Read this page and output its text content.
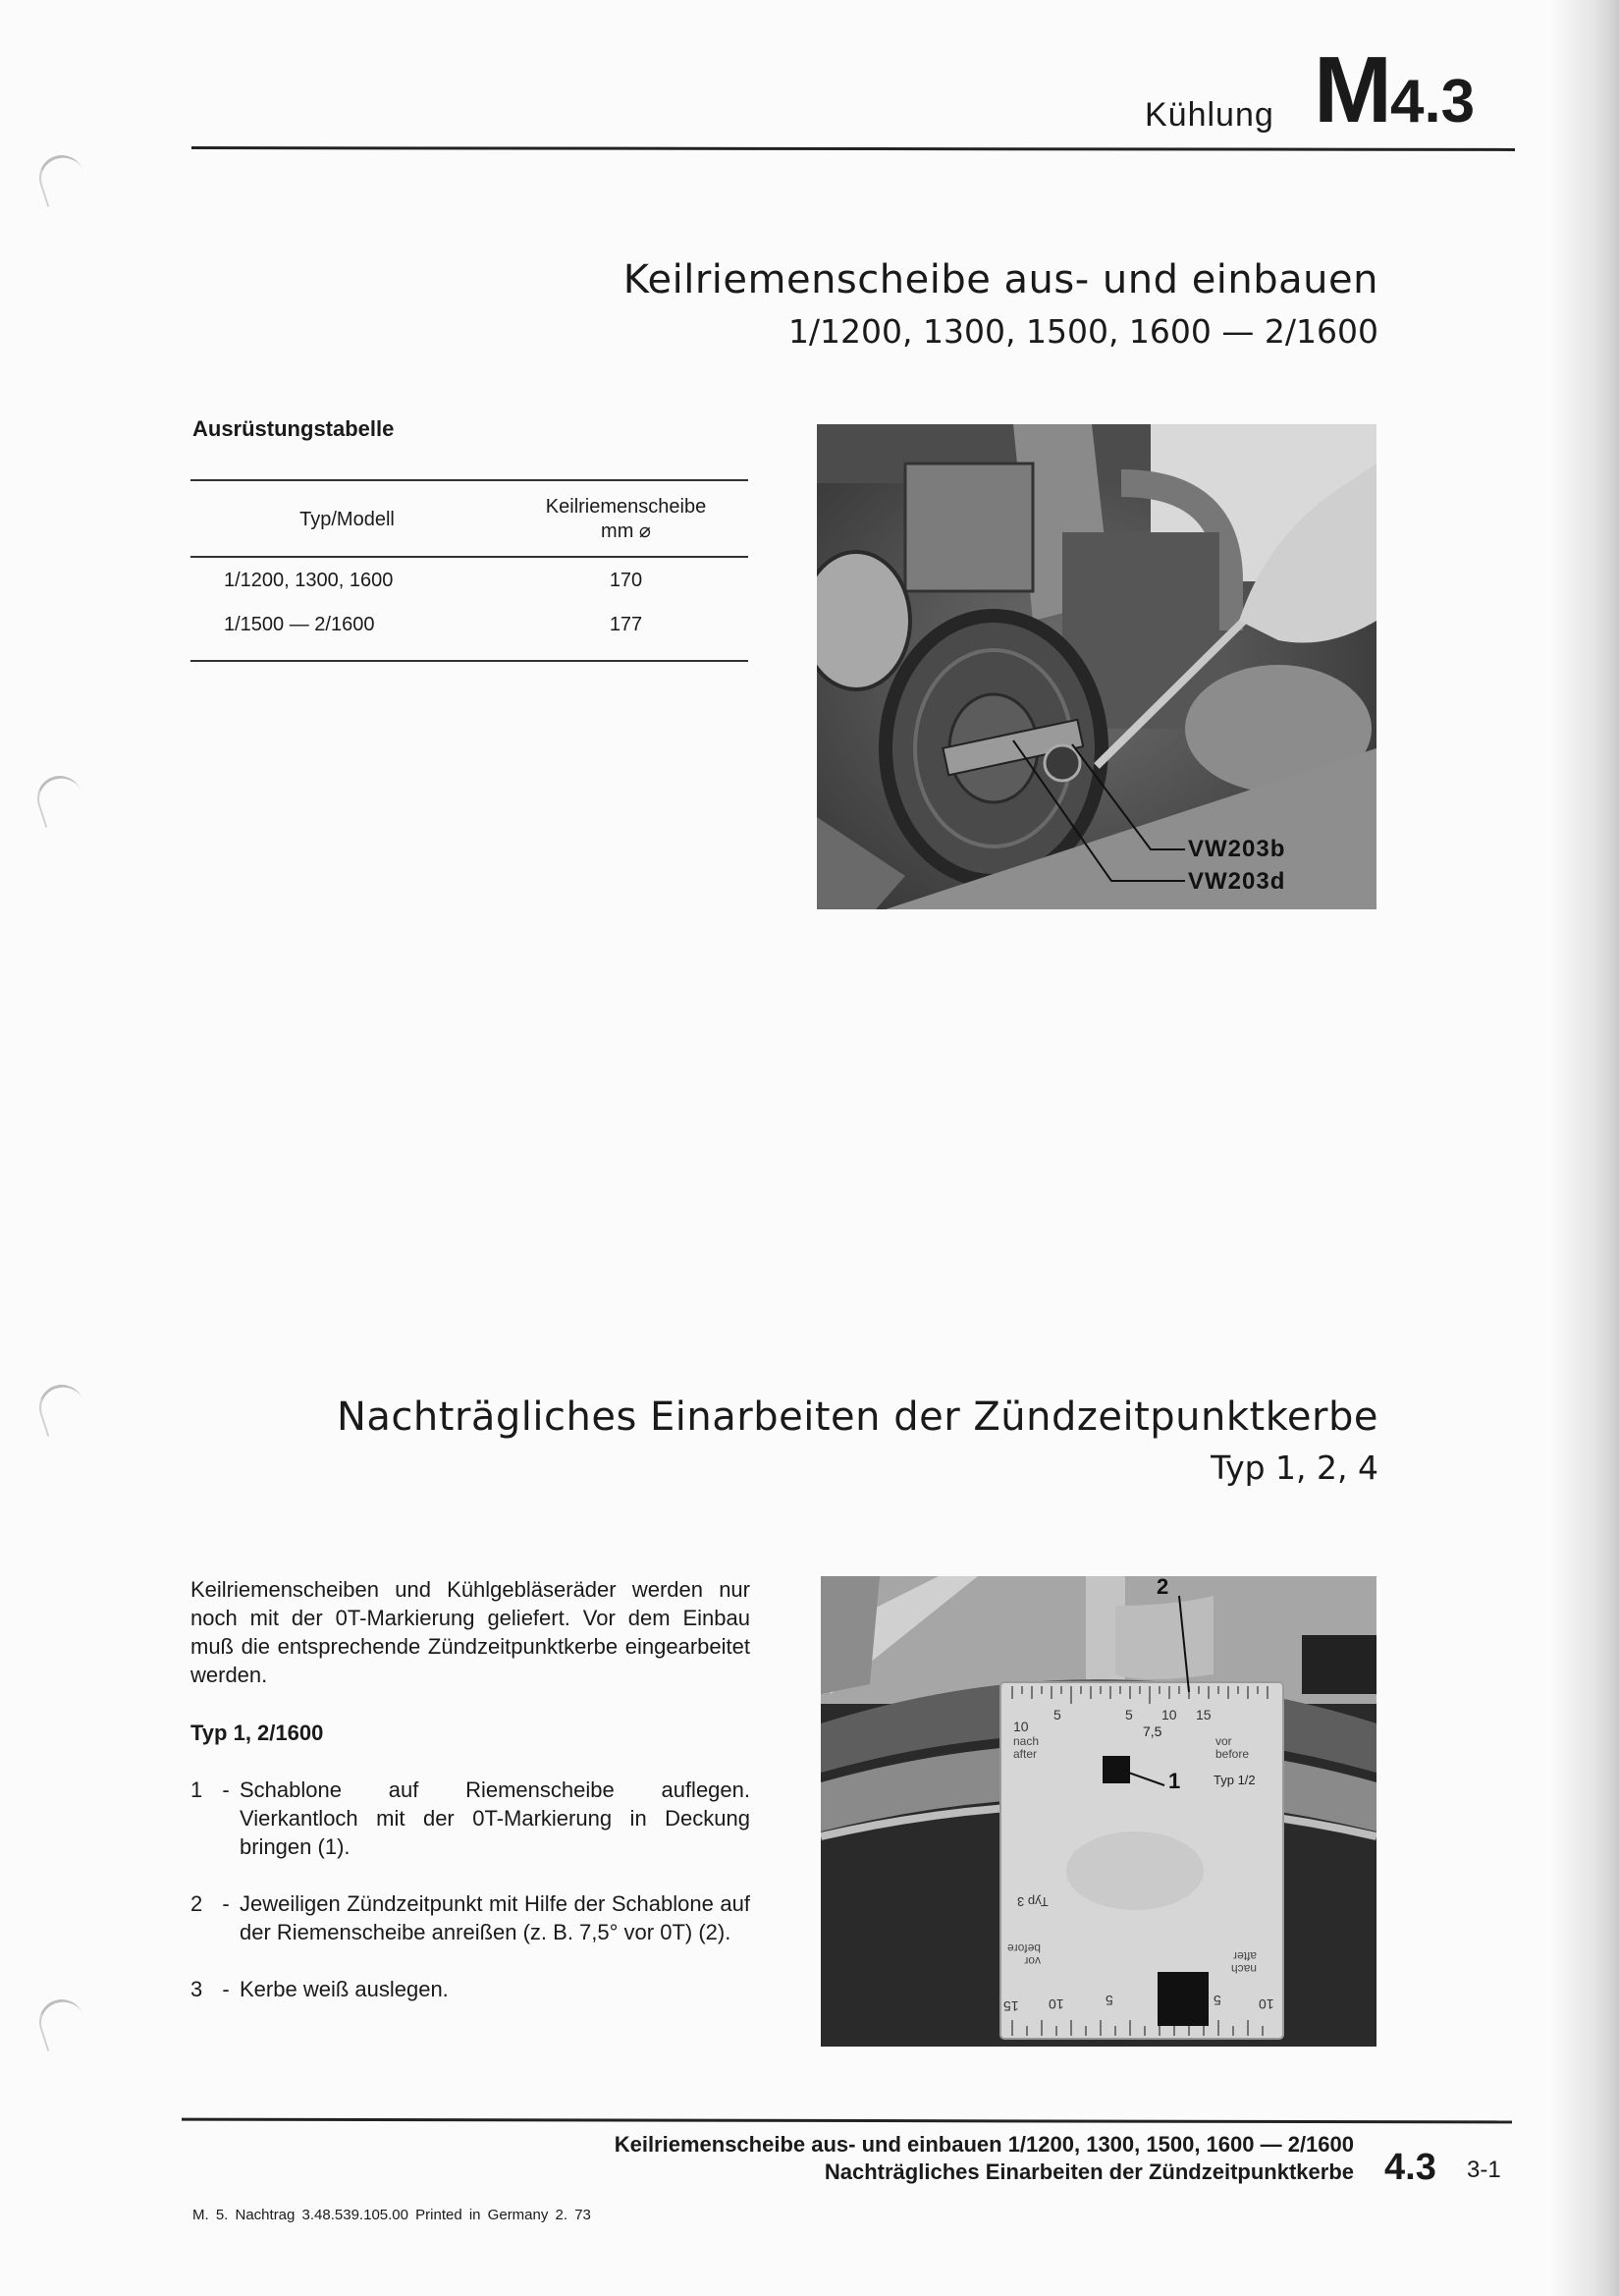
Kühlung M4.3
Keilriemenscheibe aus- und einbauen
1/1200, 1300, 1500, 1600 — 2/1600
Ausrüstungstabelle
Typ/Modell	Keilriemenscheibe
mm ⌀

1/1200, 1300, 1600	170
1/1500 — 2/1600	177
VW203b
VW203d
Nachträgliches Einarbeiten der Zündzeitpunktkerbe
Typ 1, 2, 4
Keilriemenscheiben und Kühlgebläseräder werden nur noch mit der 0T-Markierung geliefert. Vor dem Einbau muß die entsprechende Zündzeitpunktkerbe eingearbeitet werden.
Typ 1, 2/1600
1 - Schablone auf Riemenscheibe auflegen. Vierkantloch mit der 0T-Markierung in Deckung bringen (1).
2 - Jeweiligen Zündzeitpunkt mit Hilfe der Schablone auf der Riemenscheibe anreißen (z. B. 7,5° vor 0T) (2).
3 - Kerbe weiß auslegen.
2
1
10
5	5 10 15
7,5
nach
after
vor
before
Typ 1/2
Typ 3
vor
before
nach
after
15 10	5	5	10
Keilriemenscheibe aus- und einbauen 1/1200, 1300, 1500, 1600 — 2/1600
Nachträgliches Einarbeiten der Zündzeitpunktkerbe 4.3 3-1
M. 5. Nachtrag 3.48.539.105.00 Printed in Germany 2. 73
